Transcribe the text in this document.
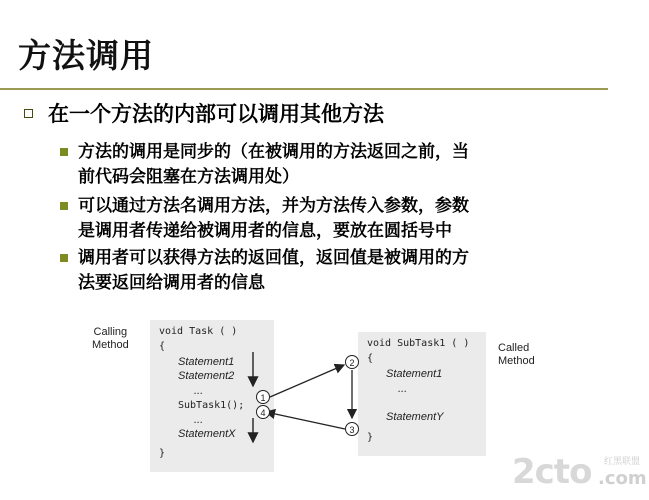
方法调用
在一个方法的内部可以调用其他方法
方法的调用是同步的（在被调用的方法返回之前，当
前代码会阻塞在方法调用处）
可以通过方法名调用方法，并为方法传入参数，参数
是调用者传递给被调用者的信息，要放在圆括号中
调用者可以获得方法的返回值，返回值是被调用的方
法要返回给调用者的信息
Calling
Method	Called
Method
void Task ( )
{
Statement1
Statement2
...
SubTask1();
...
StatementX
}
void SubTask1 ( )
{
Statement1
...
StatementY
}
1
2
3
4
2cto 红黑联盟
.com
